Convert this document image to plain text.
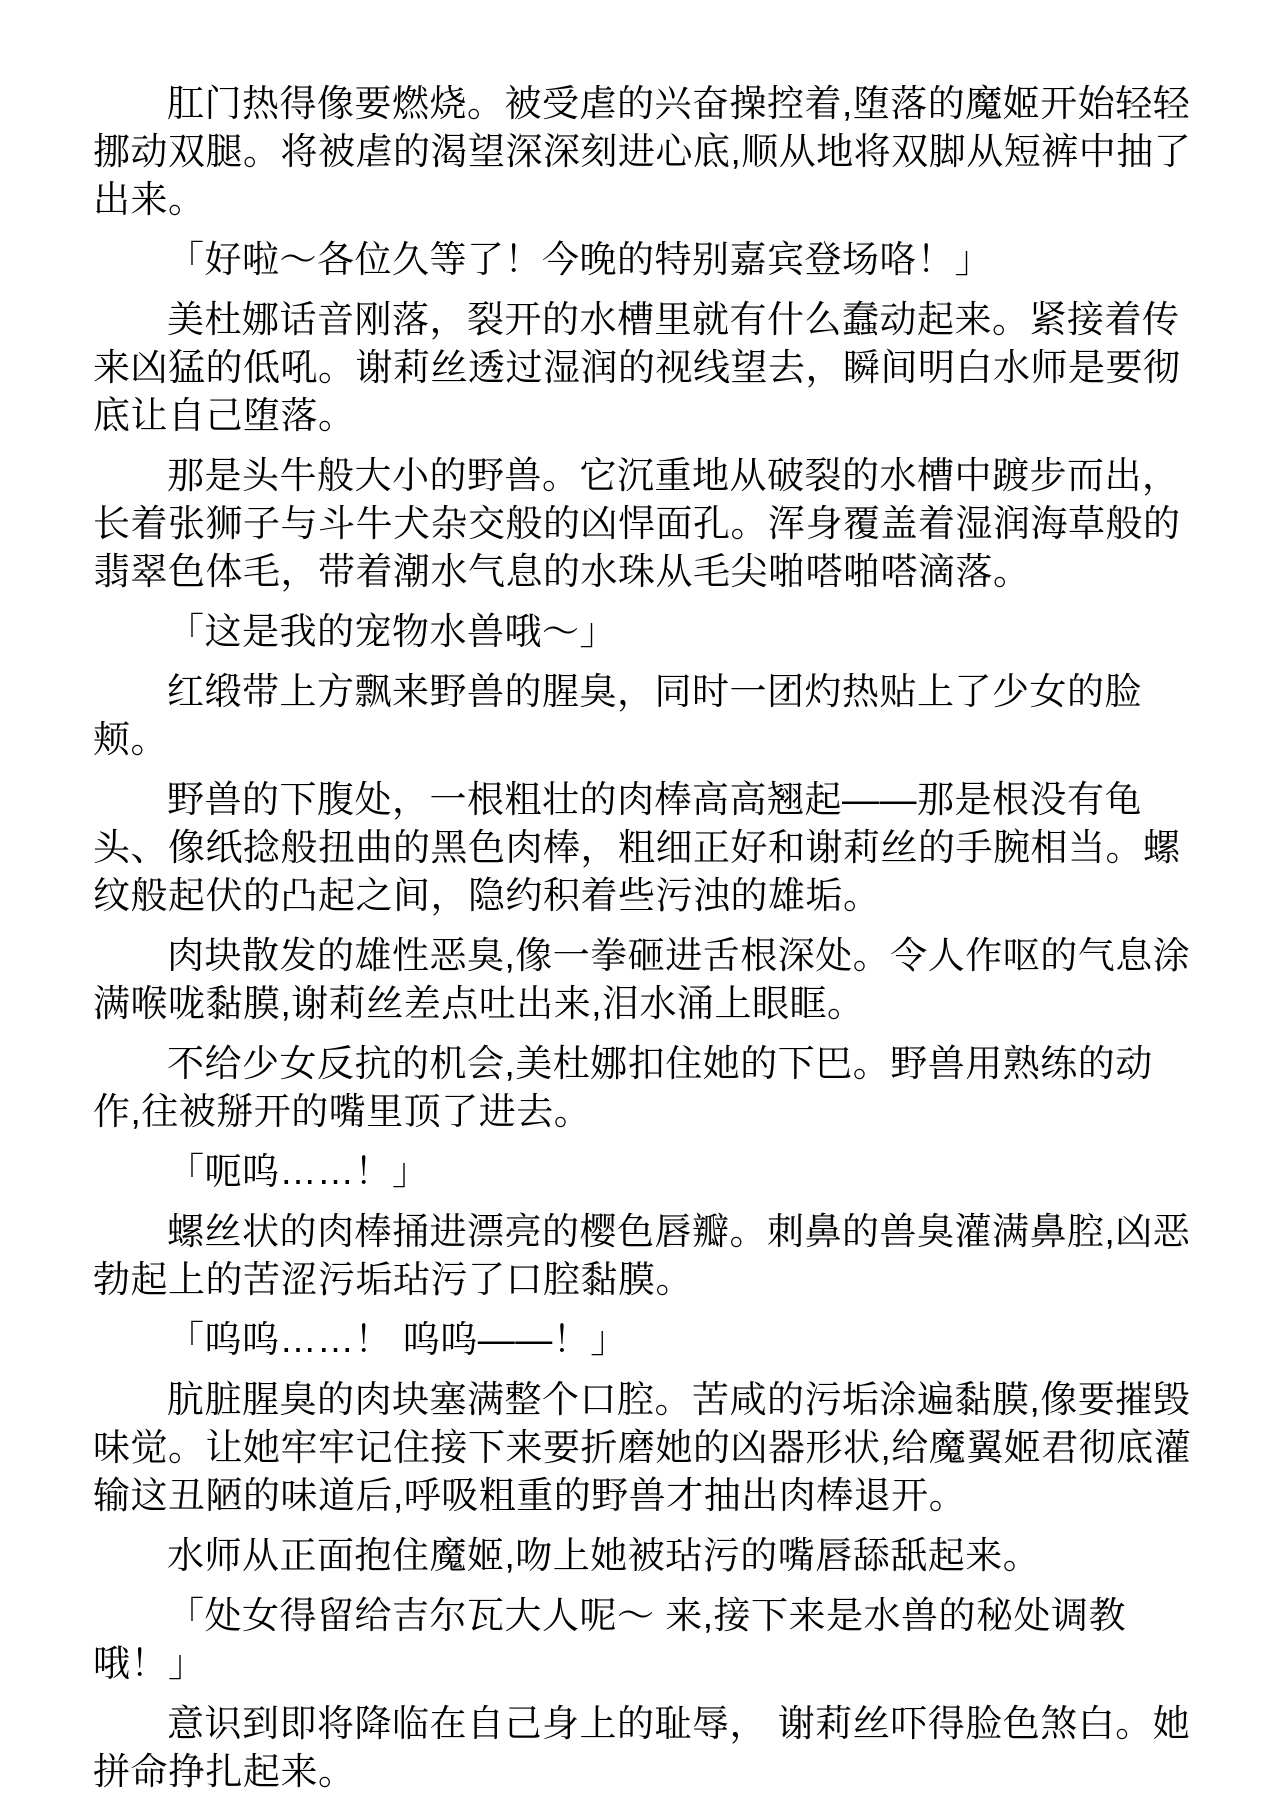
肛门热得像要燃烧。被受虐的兴奋操控着,堕落的魔姬开始轻轻
挪动双腿。将被虐的渴望深深刻进心底,顺从地将双脚从短裤中抽了
出来。

「好啦～各位久等了！今晚的特别嘉宾登场咯！」

美杜娜话音刚落，裂开的水槽里就有什么蠢动起来。紧接着传
来凶猛的低吼。谢莉丝透过湿润的视线望去，瞬间明白水师是要彻
底让自己堕落。

那是头牛般大小的野兽。它沉重地从破裂的水槽中踱步而出，
长着张狮子与斗牛犬杂交般的凶悍面孔。浑身覆盖着湿润海草般的
翡翠色体毛，带着潮水气息的水珠从毛尖啪嗒啪嗒滴落。

「这是我的宠物水兽哦～」

红缎带上方飘来野兽的腥臭，同时一团灼热贴上了少女的脸
颊。

野兽的下腹处，一根粗壮的肉棒高高翘起——那是根没有龟
头、像纸捻般扭曲的黑色肉棒，粗细正好和谢莉丝的手腕相当。螺
纹般起伏的凸起之间，隐约积着些污浊的雄垢。

肉块散发的雄性恶臭,像一拳砸进舌根深处。令人作呕的气息涂
满喉咙黏膜,谢莉丝差点吐出来,泪水涌上眼眶。

不给少女反抗的机会,美杜娜扣住她的下巴。野兽用熟练的动
作,往被掰开的嘴里顶了进去。

「呃呜……！」

螺丝状的肉棒捅进漂亮的樱色唇瓣。刺鼻的兽臭灌满鼻腔,凶恶
勃起上的苦涩污垢玷污了口腔黏膜。

「呜呜……！ 呜呜——！」

肮脏腥臭的肉块塞满整个口腔。苦咸的污垢涂遍黏膜,像要摧毁
味觉。让她牢牢记住接下来要折磨她的凶器形状,给魔翼姬君彻底灌
输这丑陋的味道后,呼吸粗重的野兽才抽出肉棒退开。

水师从正面抱住魔姬,吻上她被玷污的嘴唇舔舐起来。

「处女得留给吉尔瓦大人呢～ 来,接下来是水兽的秘处调教
哦！」

意识到即将降临在自己身上的耻辱， 谢莉丝吓得脸色煞白。她
拼命挣扎起来。
